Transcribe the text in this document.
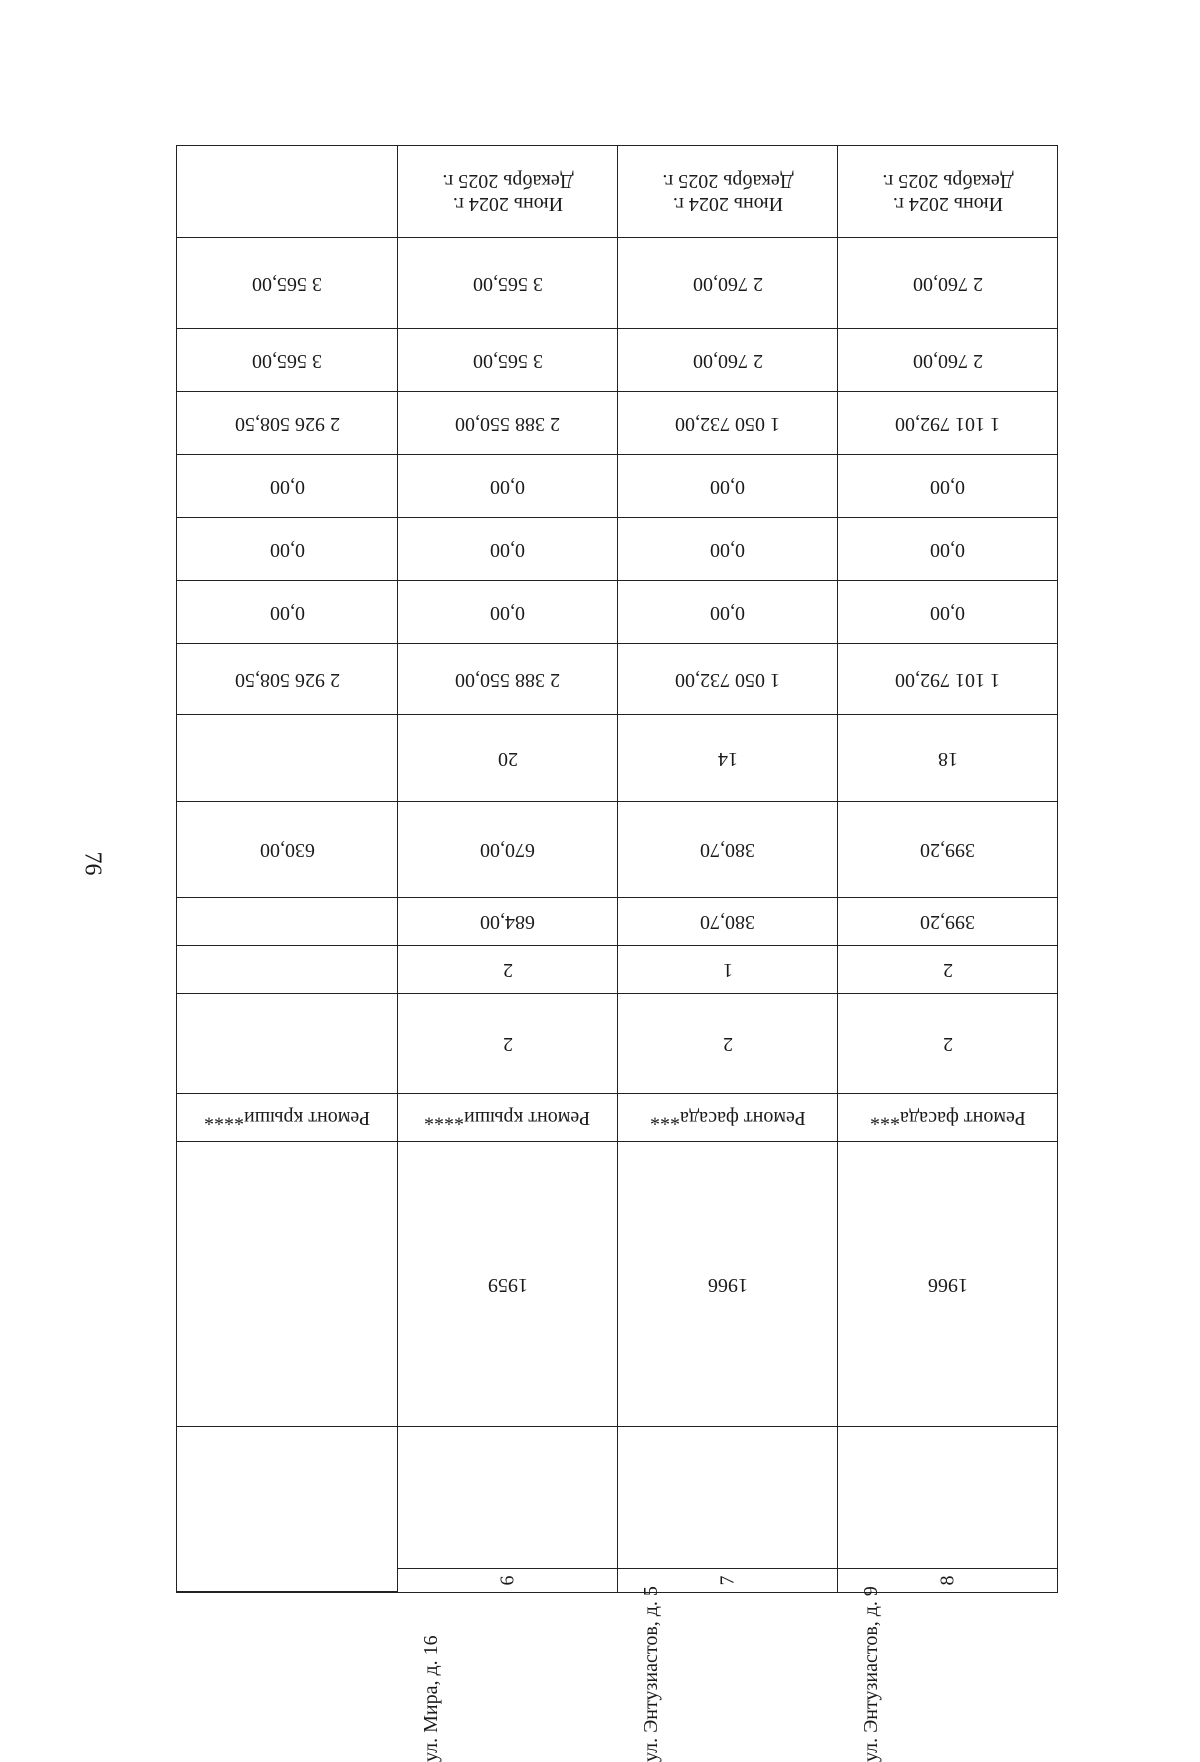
76

3 565,00
3 565,00
2 926 508,50
0,00
0,00
0,00
2 926 508,50
630,00
Ремонт крыши****
Июнь 2024 г.
Декабрь 2025 г.
3 565,00
3 565,00
2 388 550,00
0,00
0,00
0,00
2 388 550,00
20
670,00
684,00
2
2
Ремонт крыши****
1959
ул. Мира, д. 16
6
Июнь 2024 г.
Декабрь 2025 г.
2 760,00
2 760,00
1 050 732,00
0,00
0,00
0,00
1 050 732,00
14
380,70
380,70
1
2
Ремонт фасада***
1966
ул. Энтузиастов, д. 5
7
Июнь 2024 г.
Декабрь 2025 г.
2 760,00
2 760,00
1 101 792,00
0,00
0,00
0,00
1 101 792,00
18
399,20
399,20
2
2
Ремонт фасада***
1966
ул. Энтузиастов, д. 9
8
